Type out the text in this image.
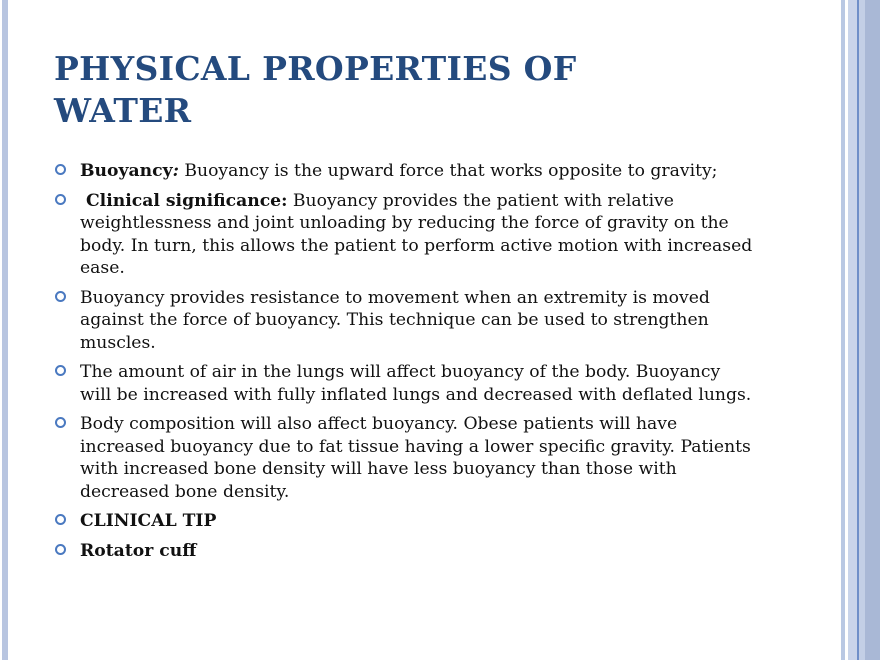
PHYSICAL PROPERTIES OF WATER
Buoyancy: Buoyancy is the upward force that works opposite to gravity;
Clinical significance: Buoyancy provides the patient with relative weightlessness and joint unloading by reducing the force of gravity on the body. In turn, this allows the patient to perform active motion with increased ease.
Buoyancy provides resistance to movement when an extremity is moved against the force of buoyancy. This technique can be used to strengthen muscles.
The amount of air in the lungs will affect buoyancy of the body. Buoyancy will be increased with fully inflated lungs and decreased with deflated lungs.
Body composition will also affect buoyancy. Obese patients will have increased buoyancy due to fat tissue having a lower specific gravity. Patients with increased bone density will have less buoyancy than those with decreased bone density.
CLINICAL TIP
Rotator cuff
